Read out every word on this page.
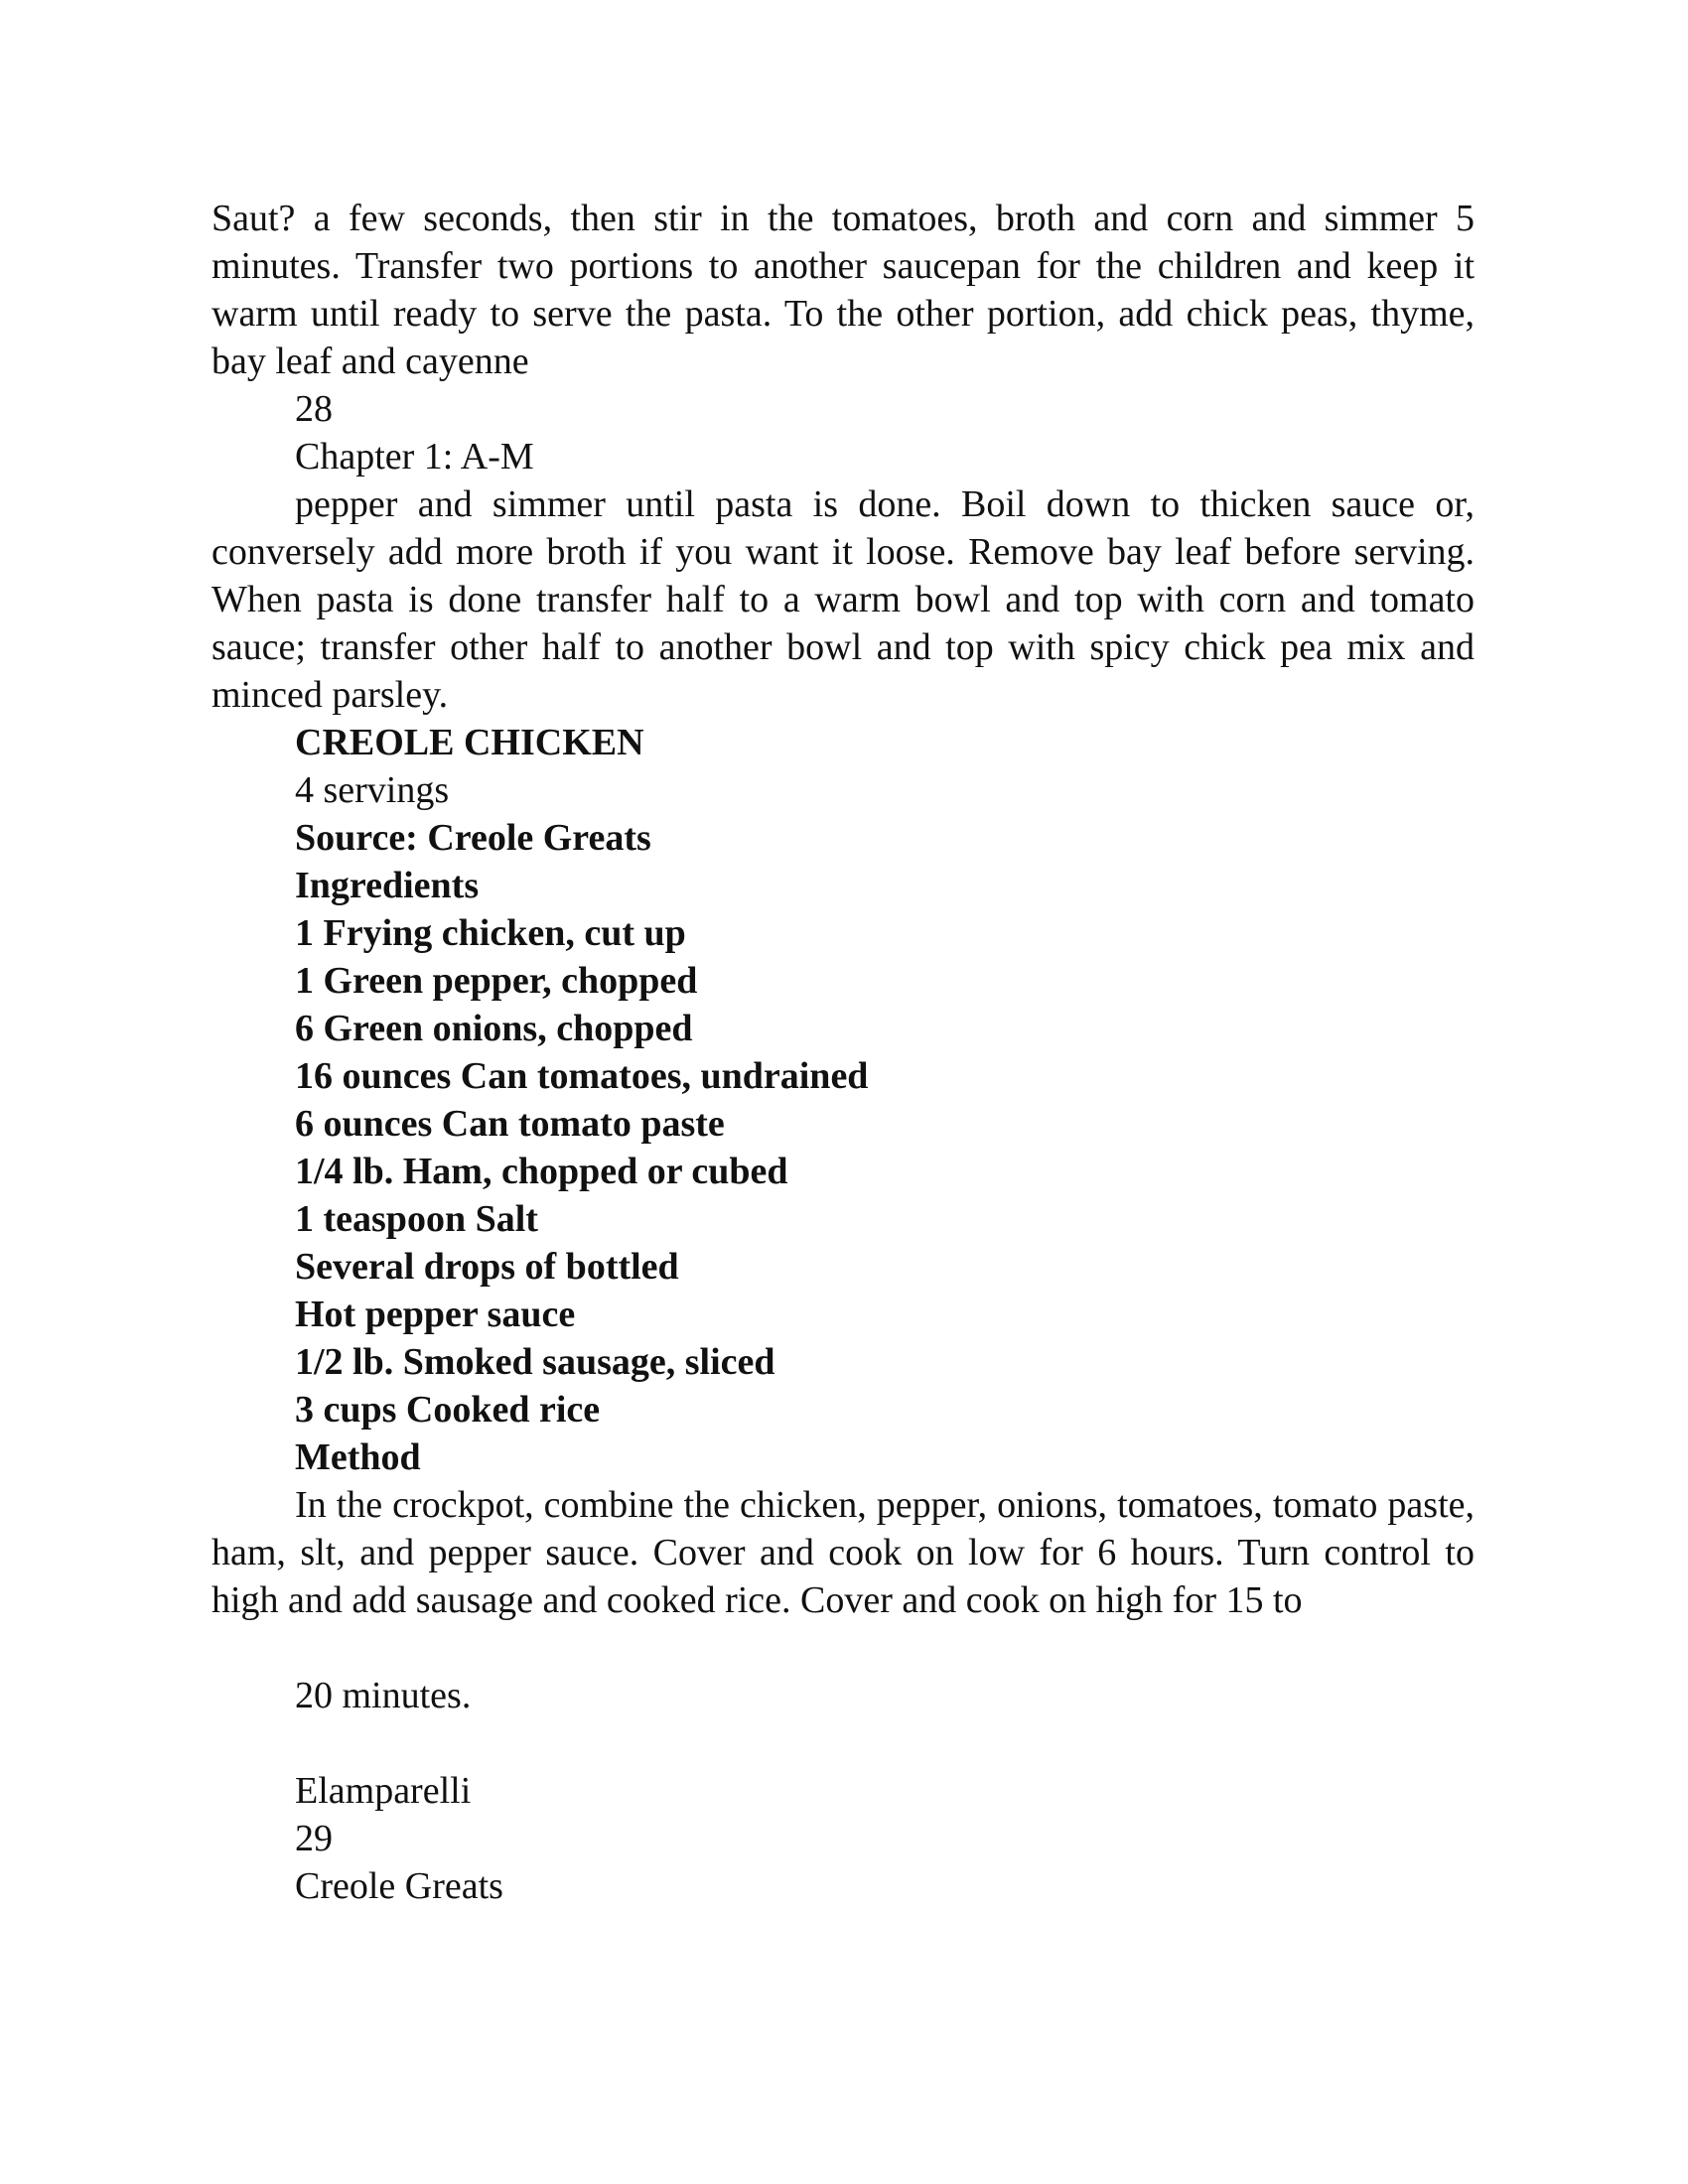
Saut? a few seconds, then stir in the tomatoes, broth and corn and simmer 5 minutes. Transfer two portions to another saucepan for the children and keep it warm until ready to serve the pasta. To the other portion, add chick peas, thyme, bay leaf and cayenne

28

Chapter 1: A-M

pepper and simmer until pasta is done. Boil down to thicken sauce or, conversely add more broth if you want it loose. Remove bay leaf before serving. When pasta is done transfer half to a warm bowl and top with corn and tomato sauce; transfer other half to another bowl and top with spicy chick pea mix and minced parsley.

CREOLE CHICKEN

4 servings

Source: Creole Greats

Ingredients

1 Frying chicken, cut up

1 Green pepper, chopped

6 Green onions, chopped

16 ounces Can tomatoes, undrained

6 ounces Can tomato paste

1/4 lb. Ham, chopped or cubed

1 teaspoon Salt

Several drops of bottled

Hot pepper sauce

1/2 lb. Smoked sausage, sliced

3 cups Cooked rice

Method

In the crockpot, combine the chicken, pepper, onions, tomatoes, tomato paste, ham, slt, and pepper sauce. Cover and cook on low for 6 hours. Turn control to high and add sausage and cooked rice. Cover and cook on high for 15 to

20 minutes.

Elamparelli

29

Creole Greats
